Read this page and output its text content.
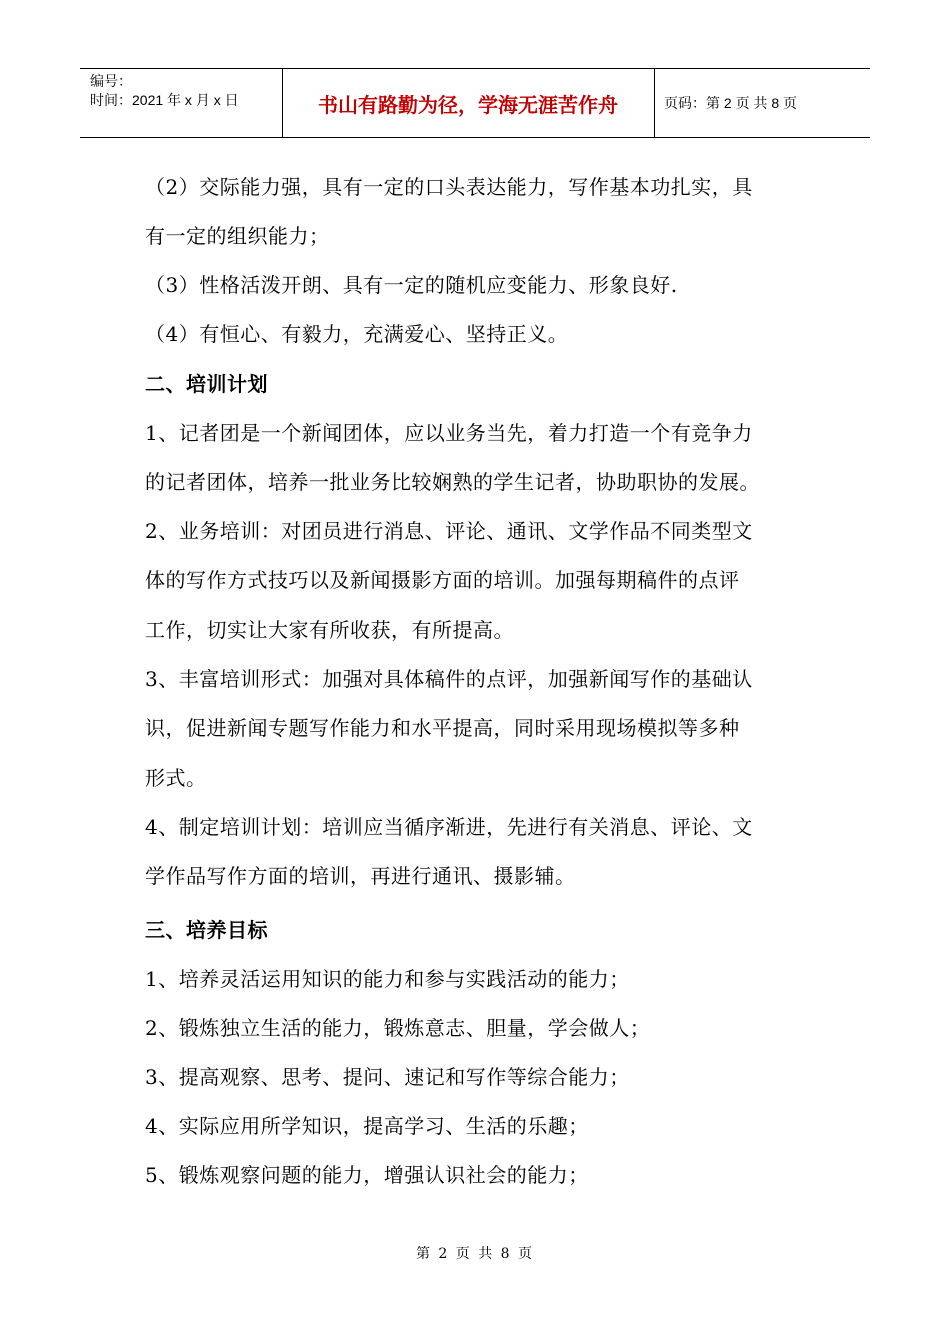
编号：
时间：2021 年 x 月 x 日	书山有路勤为径，学海无涯苦作舟	页码：第 2 页 共 8 页
（2）交际能力强，具有一定的口头表达能力，写作基本功扎实，具
有一定的组织能力；
（3）性格活泼开朗、具有一定的随机应变能力、形象良好.
（4）有恒心、有毅力，充满爱心、坚持正义。
二、培训计划
1、记者团是一个新闻团体，应以业务当先，着力打造一个有竞争力
的记者团体，培养一批业务比较娴熟的学生记者，协助职协的发展。
2、业务培训：对团员进行消息、评论、通讯、文学作品不同类型文
体的写作方式技巧以及新闻摄影方面的培训。加强每期稿件的点评
工作，切实让大家有所收获，有所提高。
3、丰富培训形式：加强对具体稿件的点评，加强新闻写作的基础认
识，促进新闻专题写作能力和水平提高，同时采用现场模拟等多种
形式。
4、制定培训计划：培训应当循序渐进，先进行有关消息、评论、文
学作品写作方面的培训，再进行通讯、摄影辅。
三、培养目标
1、培养灵活运用知识的能力和参与实践活动的能力；
2、锻炼独立生活的能力，锻炼意志、胆量，学会做人；
3、提高观察、思考、提问、速记和写作等综合能力；
4、实际应用所学知识，提高学习、生活的乐趣；
5、锻炼观察问题的能力，增强认识社会的能力；
第 2 页 共 8 页
